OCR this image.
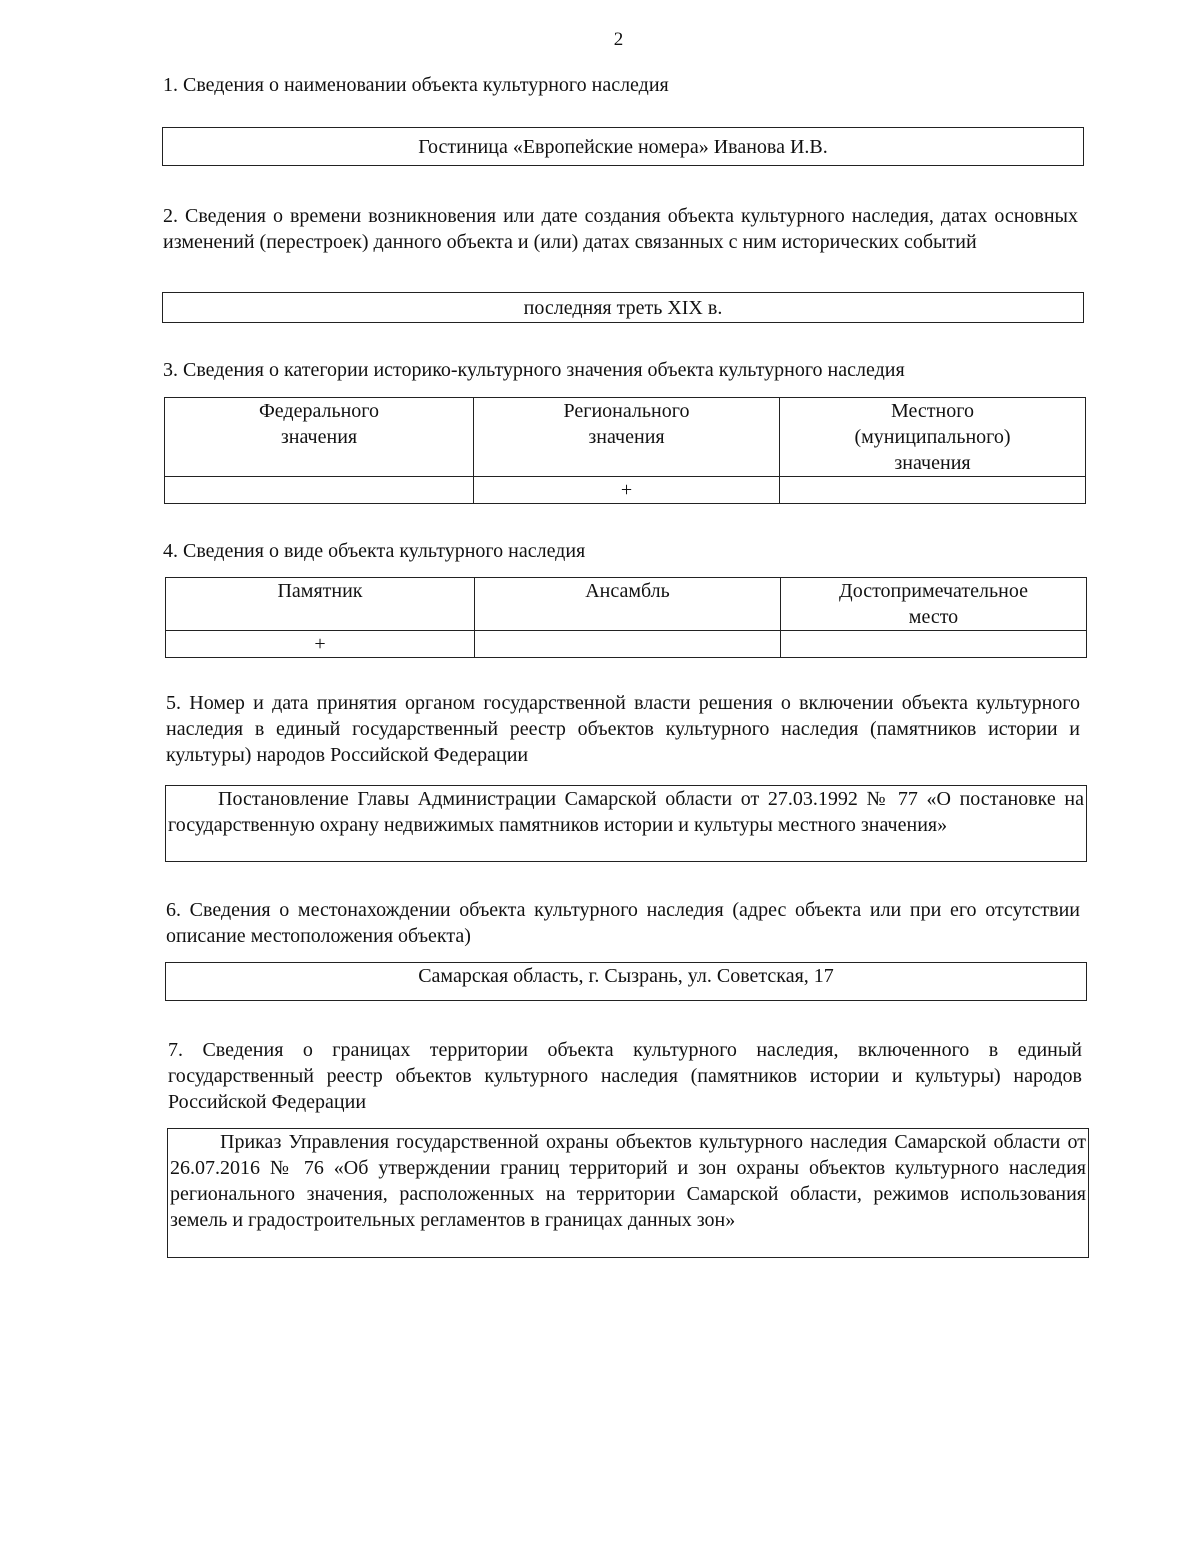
2

1. Сведения о наименовании объекта культурного наследия

Гостиница «Европейские номера» Иванова И.В.

2. Сведения о времени возникновения или дате создания объекта культурного наследия, датах основных изменений (перестроек) данного объекта и (или) датах связанных с ним исторических событий

последняя треть XIX в.

3. Сведения о категории историко-культурного значения объекта культурного наследия

Федерального значения	Регионального значения	Местного (муниципального) значения

	+	

4. Сведения о виде объекта культурного наследия

Памятник	Ансамбль	Достопримечательное место

+		

5. Номер и дата принятия органом государственной власти решения о включении объекта культурного наследия в единый государственный реестр объектов культурного наследия (памятников истории и культуры) народов Российской Федерации

Постановление Главы Администрации Самарской области от 27.03.1992 № 77 «О постановке на государственную охрану недвижимых памятников истории и культуры местного значения»

6. Сведения о местонахождении объекта культурного наследия (адрес объекта или при его отсутствии описание местоположения объекта)

Самарская область, г. Сызрань, ул. Советская, 17

7. Сведения о границах территории объекта культурного наследия, включенного в единый государственный реестр объектов культурного наследия (памятников истории и культуры) народов Российской Федерации

Приказ Управления государственной охраны объектов культурного наследия Самарской области от 26.07.2016 № 76 «Об утверждении границ территорий и зон охраны объектов культурного наследия регионального значения, расположенных на территории Самарской области, режимов использования земель и градостроительных регламентов в границах данных зон»
